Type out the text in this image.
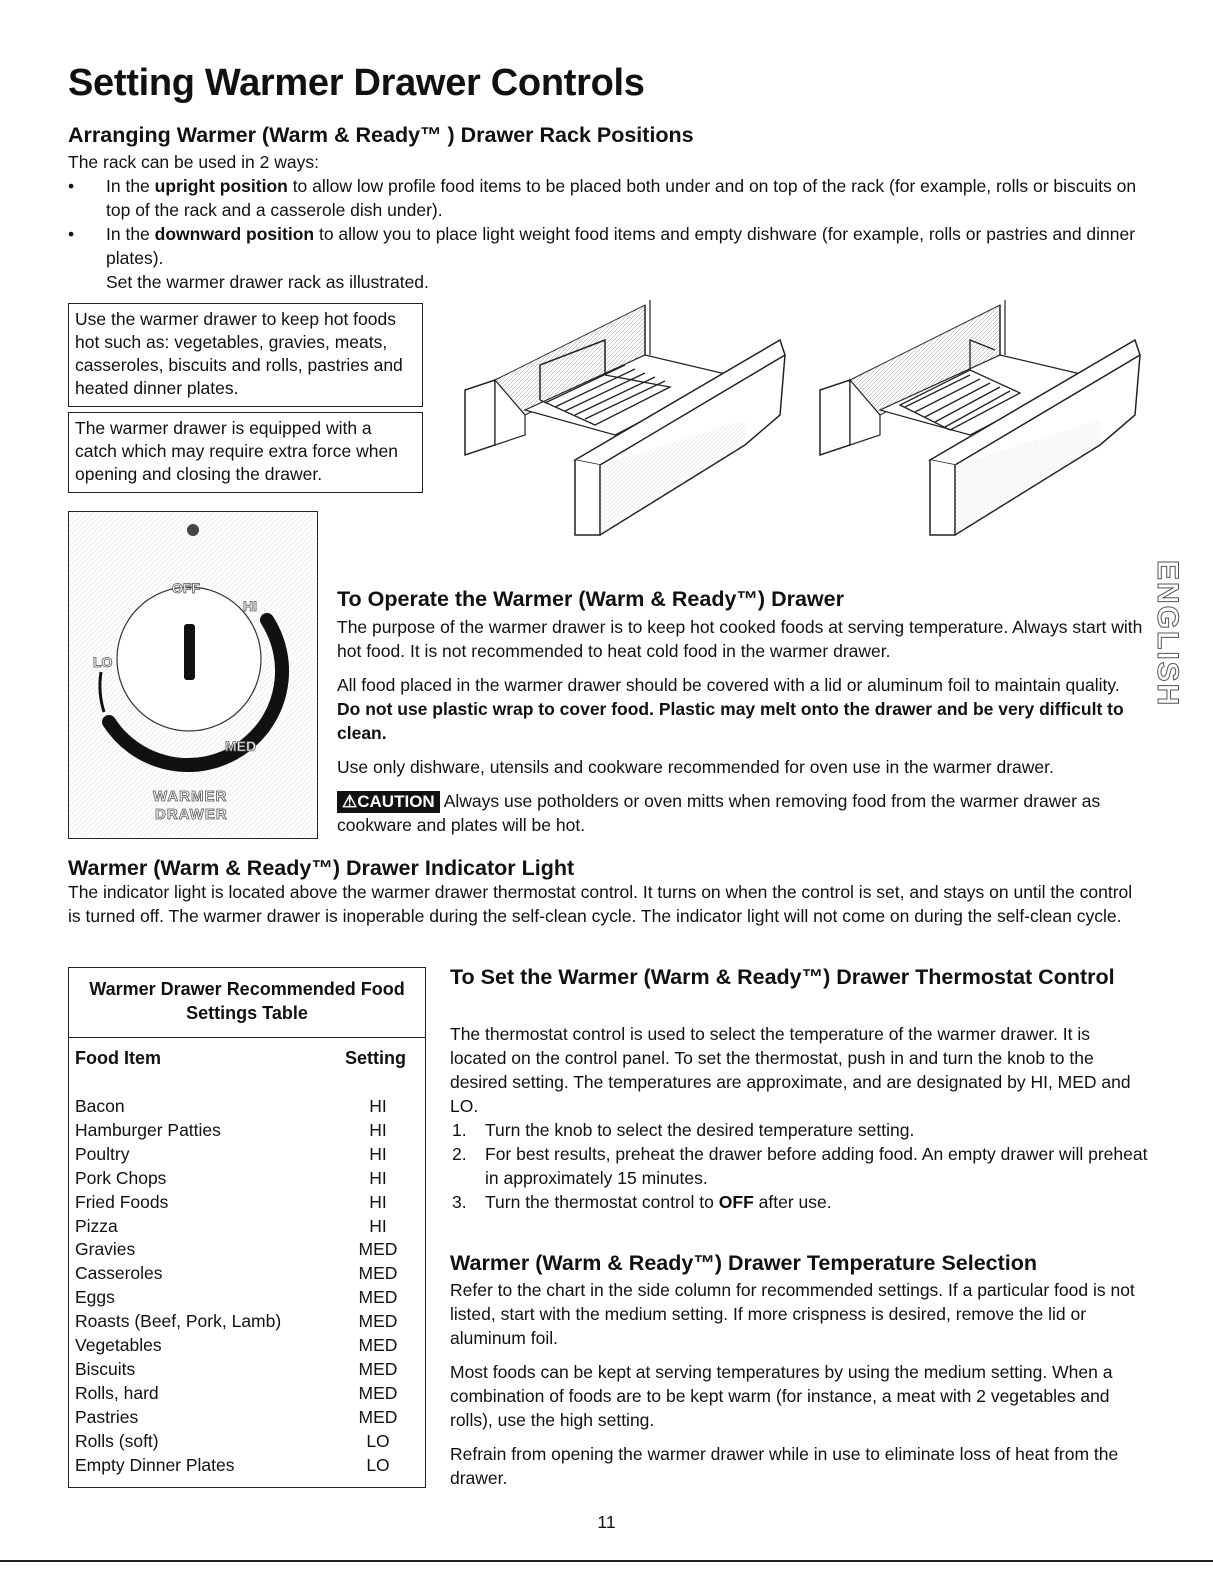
Setting Warmer Drawer Controls
Arranging Warmer (Warm & Ready™ ) Drawer Rack Positions

The rack can be used in 2 ways:

• In the upright position to allow low profile food items to be placed both under and on top of the rack (for example, rolls or biscuits on top of the rack and a casserole dish under).
• In the downward position to allow you to place light weight food items and empty dishware (for example, rolls or pastries and dinner plates).

Set the warmer drawer rack as illustrated.

Use the warmer drawer to keep hot foods hot such as: vegetables, gravies, meats, casseroles, biscuits and rolls, pastries and heated dinner plates.
The warmer drawer is equipped with a catch which may require extra force when opening and closing the drawer.
OFF
HI
LO
MED
WARMER
DRAWER
To Operate the Warmer (Warm & Ready™) Drawer

The purpose of the warmer drawer is to keep hot cooked foods at serving temperature. Always start with hot food. It is not recommended to heat cold food in the warmer drawer.

All food placed in the warmer drawer should be covered with a lid or aluminum foil to maintain quality. Do not use plastic wrap to cover food. Plastic may melt onto the drawer and be very difficult to clean.

Use only dishware, utensils and cookware recommended for oven use in the warmer drawer.

⚠CAUTION Always use potholders or oven mitts when removing food from the warmer drawer as cookware and plates will be hot.

Warmer (Warm & Ready™) Drawer Indicator Light

The indicator light is located above the warmer drawer thermostat control. It turns on when the control is set, and stays on until the control is turned off. The warmer drawer is inoperable during the self-clean cycle. The indicator light will not come on during the self-clean cycle.

Warmer Drawer Recommended Food
Settings Table
Food Item	Setting
Bacon	HI
Hamburger Patties	HI
Poultry	HI
Pork Chops	HI
Fried Foods	HI
Pizza	HI
Gravies	MED
Casseroles	MED
Eggs	MED
Roasts (Beef, Pork, Lamb)	MED
Vegetables	MED
Biscuits	MED
Rolls, hard	MED
Pastries	MED
Rolls (soft)	LO
Empty Dinner Plates	LO
To Set the Warmer (Warm & Ready™) Drawer Thermostat Control

The thermostat control is used to select the temperature of the warmer drawer. It is located on the control panel. To set the thermostat, push in and turn the knob to the desired setting. The temperatures are approximate, and are designated by HI, MED and LO.

1. Turn the knob to select the desired temperature setting.
2. For best results, preheat the drawer before adding food. An empty drawer will preheat in approximately 15 minutes.
3. Turn the thermostat control to OFF after use.
Warmer (Warm & Ready™) Drawer Temperature Selection

Refer to the chart in the side column for recommended settings. If a particular food is not listed, start with the medium setting. If more crispness is desired, remove the lid or aluminum foil.

Most foods can be kept at serving temperatures by using the medium setting. When a combination of foods are to be kept warm (for instance, a meat with 2 vegetables and rolls), use the high setting.

Refrain from opening the warmer drawer while in use to eliminate loss of heat from the drawer.

ENGLISH
11
